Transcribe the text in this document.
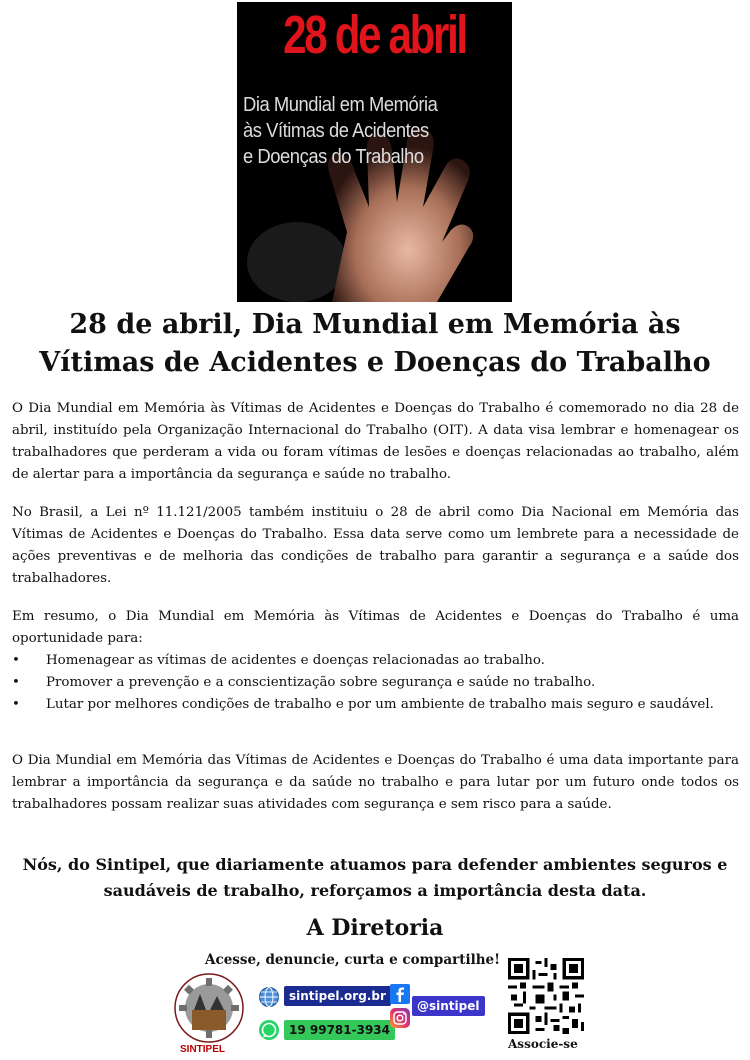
28 de abril
Dia Mundial em Memória
às Vítimas de Acidentes
e Doenças do Trabalho
28 de abril, Dia Mundial em Memória às
Vítimas de Acidentes e Doenças do Trabalho

O Dia Mundial em Memória às Vítimas de Acidentes e Doenças do Trabalho é comemorado no dia 28 de abril, instituído pela Organização Internacional do Trabalho (OIT). A data visa lembrar e homenagear os trabalhadores que perderam a vida ou foram vítimas de lesões e doenças relacionadas ao trabalho, além de alertar para a importância da segurança e saúde no trabalho.

No Brasil, a Lei nº 11.121/2005 também instituiu o 28 de abril como Dia Nacional em Memória das Vítimas de Acidentes e Doenças do Trabalho. Essa data serve como um lembrete para a necessidade de ações preventivas e de melhoria das condições de trabalho para garantir a segurança e a saúde dos trabalhadores.

Em resumo, o Dia Mundial em Memória às Vítimas de Acidentes e Doenças do Trabalho é uma oportunidade para:

•	Homenagear as vítimas de acidentes e doenças relacionadas ao trabalho.
•	Promover a prevenção e a conscientização sobre segurança e saúde no trabalho.
•	Lutar por melhores condições de trabalho e por um ambiente de trabalho mais seguro e saudável.

O Dia Mundial em Memória das Vítimas de Acidentes e Doenças do Trabalho é uma data importante para lembrar a importância da segurança e da saúde no trabalho e para lutar por um futuro onde todos os trabalhadores possam realizar suas atividades com segurança e sem risco para a saúde.

Nós, do Sintipel, que diariamente atuamos para defender ambientes seguros e
saudáveis de trabalho, reforçamos a importância desta data.
A Diretoria
Acesse, denuncie, curta e compartilhe!
SINTIPEL
sintipel.org.br
19 99781-3934
@sintipel
Associe-se
